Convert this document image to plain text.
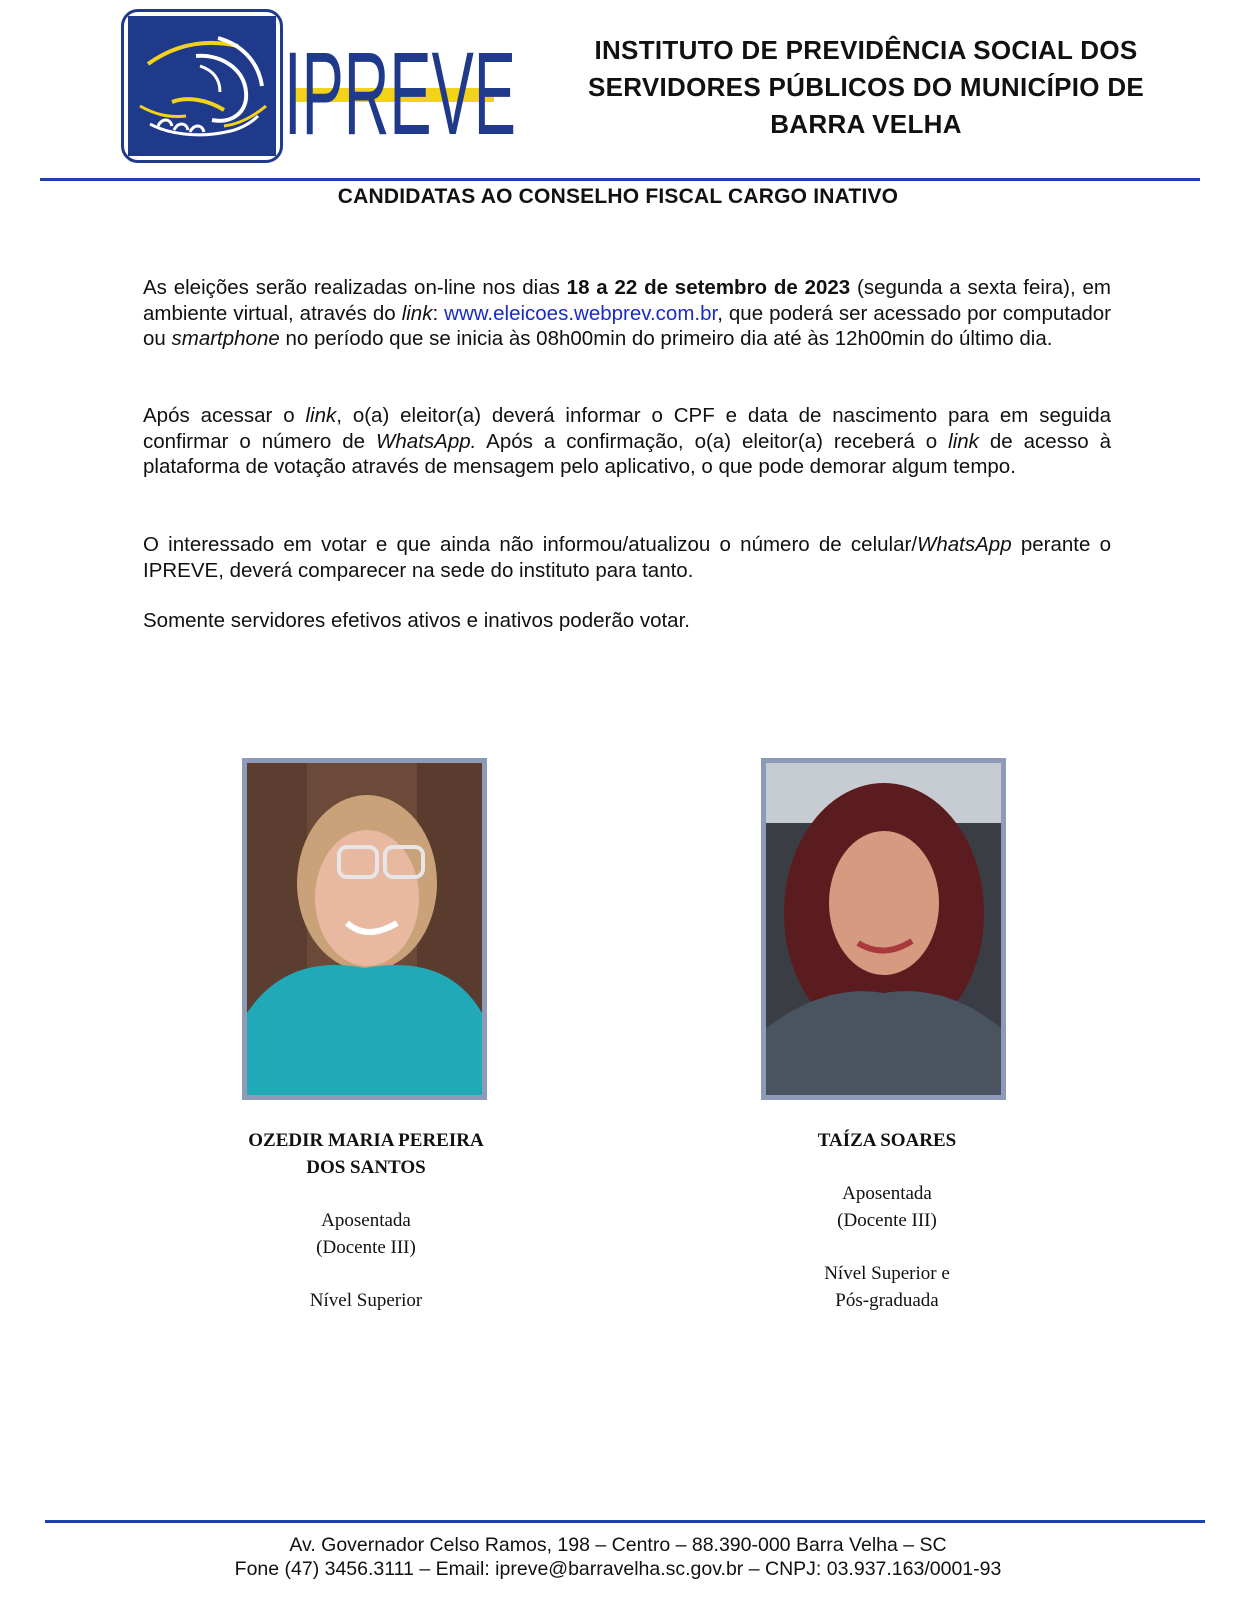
IPREVE	INSTITUTO DE PREVIDÊNCIA SOCIAL DOS
SERVIDORES PÚBLICOS DO MUNICÍPIO DE
BARRA VELHA
CANDIDATAS AO CONSELHO FISCAL CARGO INATIVO
As eleições serão realizadas on-line nos dias 18 a 22 de setembro de 2023 (segunda a sexta feira), em ambiente virtual, através do link: www.eleicoes.webprev.com.br, que poderá ser acessado por computador ou smartphone no período que se inicia às 08h00min do primeiro dia até às 12h00min do último dia.
Após acessar o link, o(a) eleitor(a) deverá informar o CPF e data de nascimento para em seguida confirmar o número de WhatsApp. Após a confirmação, o(a) eleitor(a) receberá o link de acesso à plataforma de votação através de mensagem pelo aplicativo, o que pode demorar algum tempo.
O interessado em votar e que ainda não informou/atualizou o número de celular/WhatsApp perante o IPREVE, deverá comparecer na sede do instituto para tanto.
Somente servidores efetivos ativos e inativos poderão votar.
OZEDIR MARIA PEREIRA
DOS SANTOS
Aposentada
(Docente III)
Nível Superior
TAÍZA SOARES
Aposentada
(Docente III)
Nível Superior e
Pós-graduada
Av. Governador Celso Ramos, 198 – Centro – 88.390-000 Barra Velha – SC
Fone (47) 3456.3111 – Email: ipreve@barravelha.sc.gov.br – CNPJ: 03.937.163/0001-93
